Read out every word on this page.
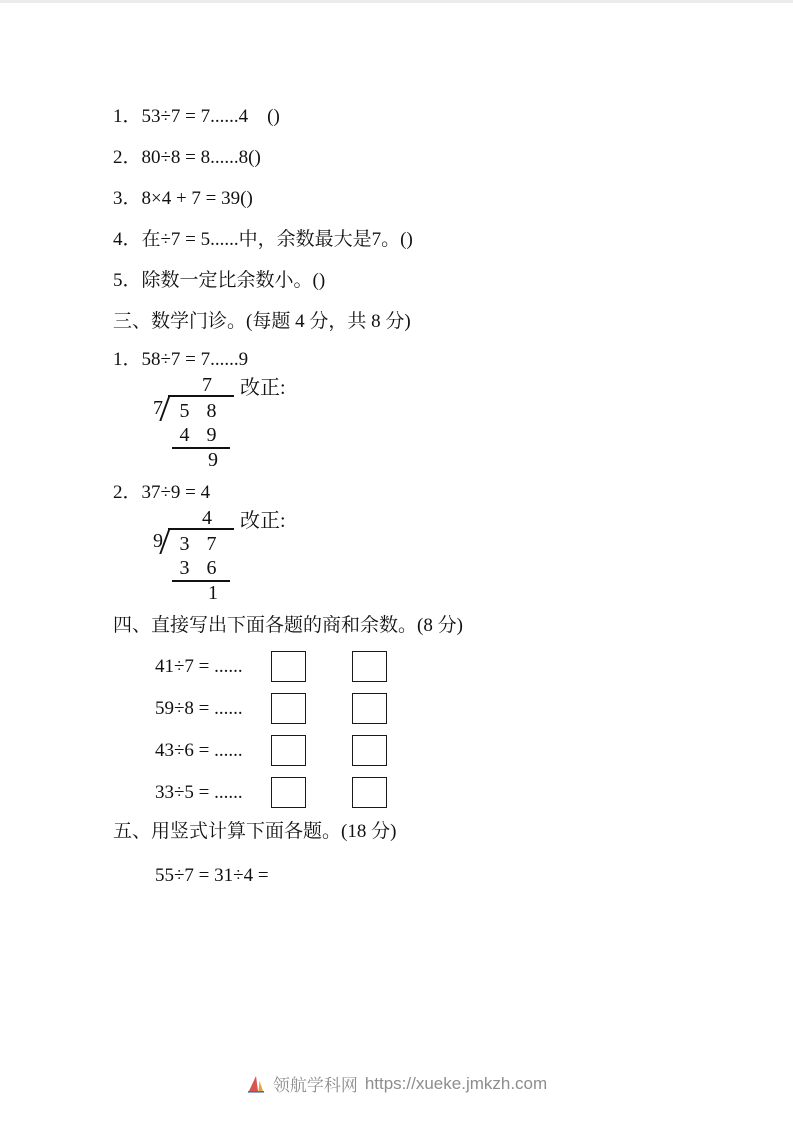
1．53÷7 = 7......4　()
2．80÷8 = 8......8()
3．8×4 + 7 = 39()
4．在÷7 = 5......中，余数最大是7。()
5．除数一定比余数小。()
三、数学门诊。(每题 4 分，共 8 分)
1．58÷7 = 7......9
7
7 5 8
4 9
9
改正:
2．37÷9 = 4
4
9 3 7
3 6
1
改正:
四、直接写出下面各题的商和余数。(8 分)
41÷7 = ......
59÷8 = ......
43÷6 = ......
33÷5 = ......
五、用竖式计算下面各题。(18 分)
55÷7 = 31÷4 =
领航学科网 https://xueke.jmkzh.com
